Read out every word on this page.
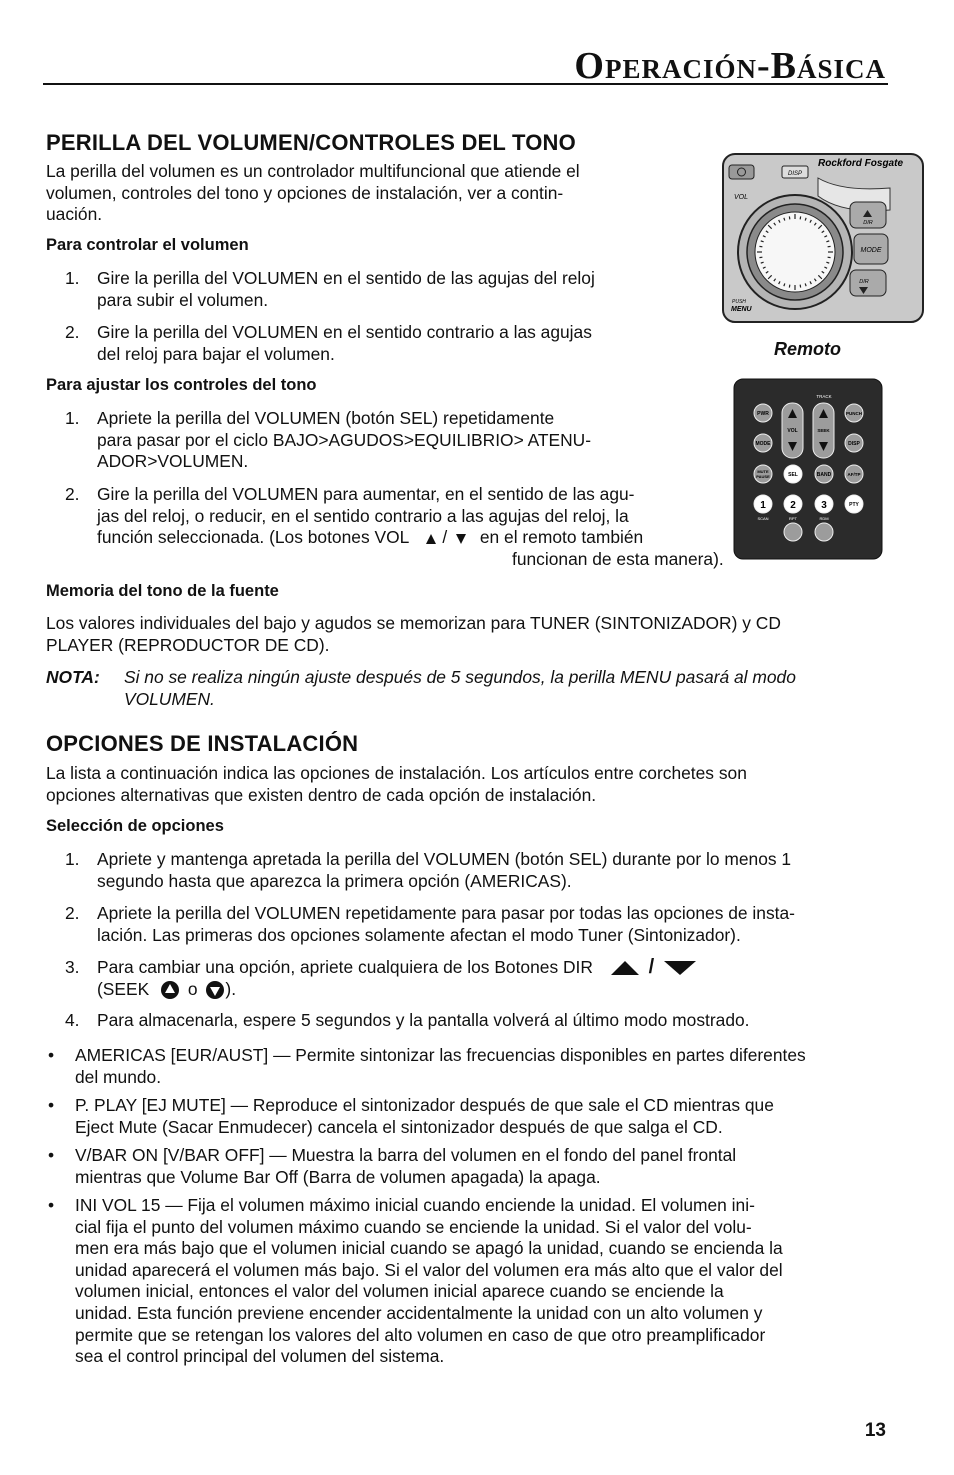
Operación-Básica
PERILLA DEL VOLUMEN/CONTROLES DEL TONO
La perilla del volumen es un controlador multifuncional que atiende el
volumen, controles del tono y opciones de instalación, ver a contin-
uación.
Para controlar el volumen
1.	Gire la perilla del VOLUMEN en el sentido de las agujas del reloj
para subir el volumen.
2.	Gire la perilla del VOLUMEN en el sentido contrario a las agujas
del reloj para bajar el volumen.
Para ajustar los controles del tono
1.	Apriete la perilla del VOLUMEN (botón SEL) repetidamente
para pasar por el ciclo BAJO>AGUDOS>EQUILIBRIO> ATENU-
ADOR>VOLUMEN.
2.	Gire la perilla del VOLUMEN para aumentar, en el sentido de las agu-
jas del reloj, o reducir, en el sentido contrario a las agujas del reloj, la
función seleccionada. (Los botones VOL / en el remoto también
funcionan de esta manera).
Memoria del tono de la fuente
Los valores individuales del bajo y agudos se memorizan para TUNER (SINTONIZADOR) y CD
PLAYER (REPRODUCTOR DE CD).
NOTA:	Si no se realiza ningún ajuste después de 5 segundos, la perilla MENU pasará al modo
VOLUMEN.
DISP
Rockford Fosgate
VOL
DIR
MODE
DIR
PUSH
MENU
Remoto
TRACK
PWR
MODE
VOL	SEEK
PUNCH
DISP
MUTE
PAUSE	SEL	BAND	AF/TP
1 2	3	PTY
SCAN	RPT	RDM
OPCIONES DE INSTALACIÓN
La lista a continuación indica las opciones de instalación. Los artículos entre corchetes son
opciones alternativas que existen dentro de cada opción de instalación.
Selección de opciones
1.	Apriete y mantenga apretada la perilla del VOLUMEN (botón SEL) durante por lo menos 1
segundo hasta que aparezca la primera opción (AMERICAS).
2.	Apriete la perilla del VOLUMEN repetidamente para pasar por todas las opciones de insta-
lación. Las primeras dos opciones solamente afectan el modo Tuner (Sintonizador).
3.	Para cambiar una opción, apriete cualquiera de los Botones DIR	/
(SEEK o ).
4.	Para almacenarla, espere 5 segundos y la pantalla volverá al último modo mostrado.
•	AMERICAS [EUR/AUST] — Permite sintonizar las frecuencias disponibles en partes diferentes
del mundo.
•	P. PLAY [EJ MUTE] — Reproduce el sintonizador después de que sale el CD mientras que
Eject Mute (Sacar Enmudecer) cancela el sintonizador después de que salga el CD.
•	V/BAR ON [V/BAR OFF] — Muestra la barra del volumen en el fondo del panel frontal
mientras que Volume Bar Off (Barra de volumen apagada) la apaga.
•	INI VOL 15 — Fija el volumen máximo inicial cuando enciende la unidad. El volumen ini-
cial fija el punto del volumen máximo cuando se enciende la unidad. Si el valor del volu-
men era más bajo que el volumen inicial cuando se apagó la unidad, cuando se encienda la
unidad aparecerá el volumen más bajo. Si el valor del volumen era más alto que el valor del
volumen inicial, entonces el valor del volumen inicial aparece cuando se enciende la
unidad. Esta función previene encender accidentalmente la unidad con un alto volumen y
permite que se retengan los valores del alto volumen en caso de que otro preamplificador
sea el control principal del volumen del sistema.
13
